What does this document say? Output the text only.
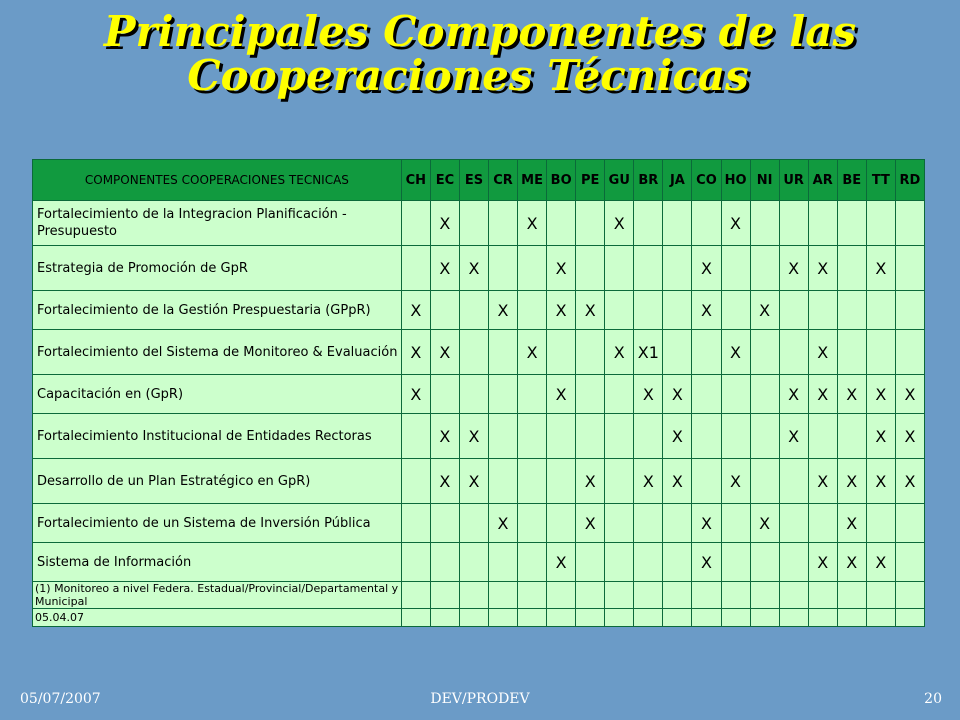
Principales Componentes de las
Cooperaciones Técnicas
COMPONENTES COOPERACIONES TECNICAS	CH	EC	ES	CR	ME	BO	PE	GU	BR	JA	CO	HO	NI	UR	AR	BE	TT	RD
Fortalecimiento de la Integracion Planificación - Presupuesto		X			X			X				X						
Estrategia de Promoción de GpR		X	X			X					X			X	X		X	
Fortalecimiento de la Gestión Prespuestaria (GPpR)	X			X		X	X				X		X					
Fortalecimiento del Sistema de Monitoreo & Evaluación	X	X			X			X	X1			X			X			
Capacitación en (GpR)	X					X			X	X				X	X	X	X	X
Fortalecimiento Institucional de Entidades Rectoras		X	X							X				X			X	X
Desarrollo de un Plan Estratégico en GpR)		X	X				X		X	X		X			X	X	X	X
Fortalecimiento de un Sistema de Inversión Pública				X			X				X		X			X		
Sistema de Información						X					X				X	X	X	
(1) Monitoreo a nivel Federa. Estadual/Provincial/Departamental y Municipal																		
05.04.07																		
05/07/2007	DEV/PRODEV	20
